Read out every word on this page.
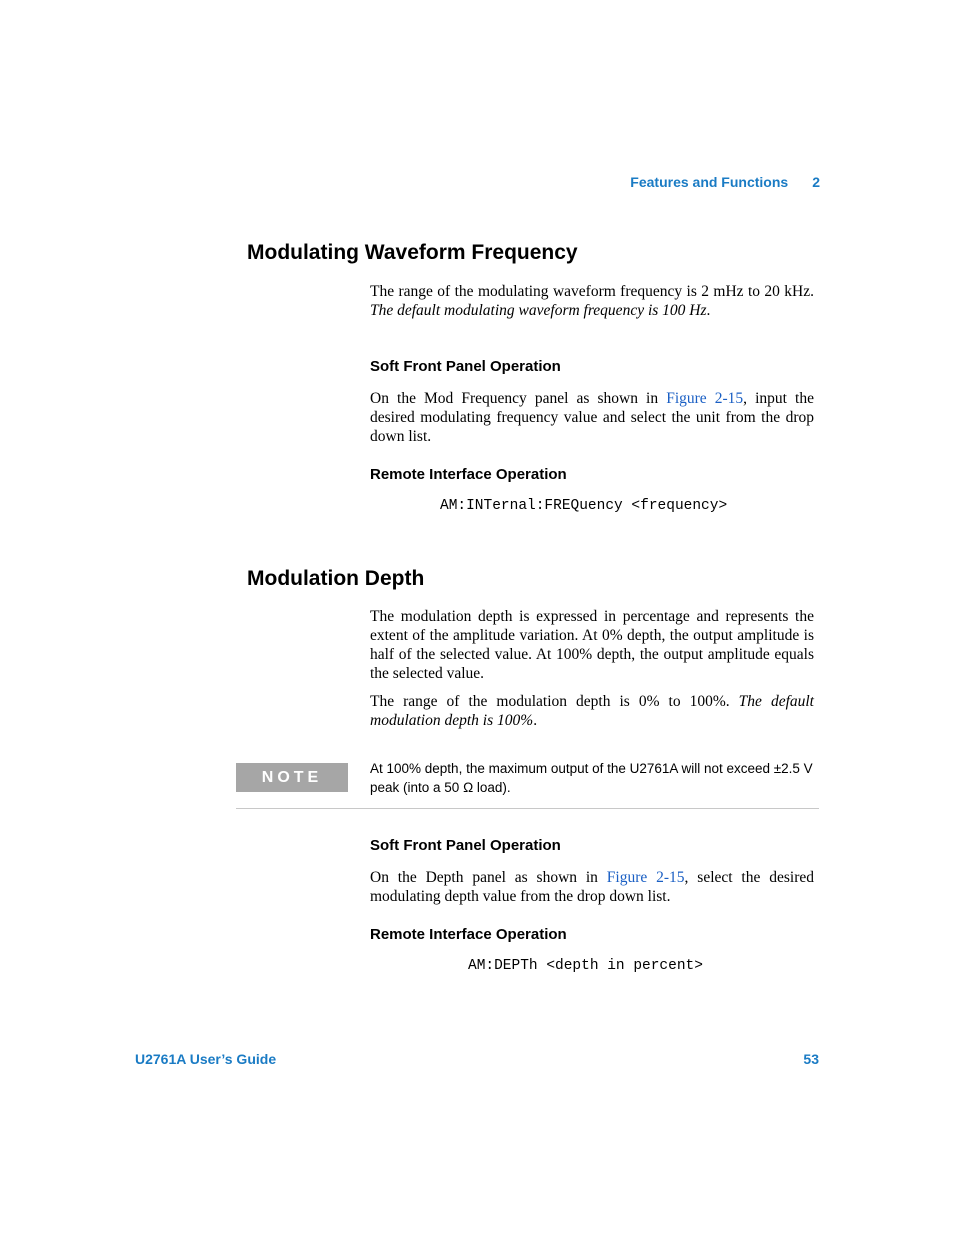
Features and Functions 2
Modulating Waveform Frequency

The range of the modulating waveform frequency is 2 mHz to 20 kHz. The default modulating waveform frequency is 100 Hz.

Soft Front Panel Operation

On the Mod Frequency panel as shown in Figure 2-15, input the desired modulating frequency value and select the unit from the drop down list.

Remote Interface Operation
AM:INTernal:FREQuency <frequency>
Modulation Depth

The modulation depth is expressed in percentage and represents the extent of the amplitude variation. At 0% depth, the output amplitude is half of the selected value. At 100% depth, the output amplitude equals the selected value.

The range of the modulation depth is 0% to 100%. The default modulation depth is 100%.

NOTE

At 100% depth, the maximum output of the U2761A will not exceed ±2.5 V peak (into a 50 Ω load).

Soft Front Panel Operation

On the Depth panel as shown in Figure 2-15, select the desired modulating depth value from the drop down list.

Remote Interface Operation
AM:DEPTh <depth in percent>
U2761A User’s Guide	53
